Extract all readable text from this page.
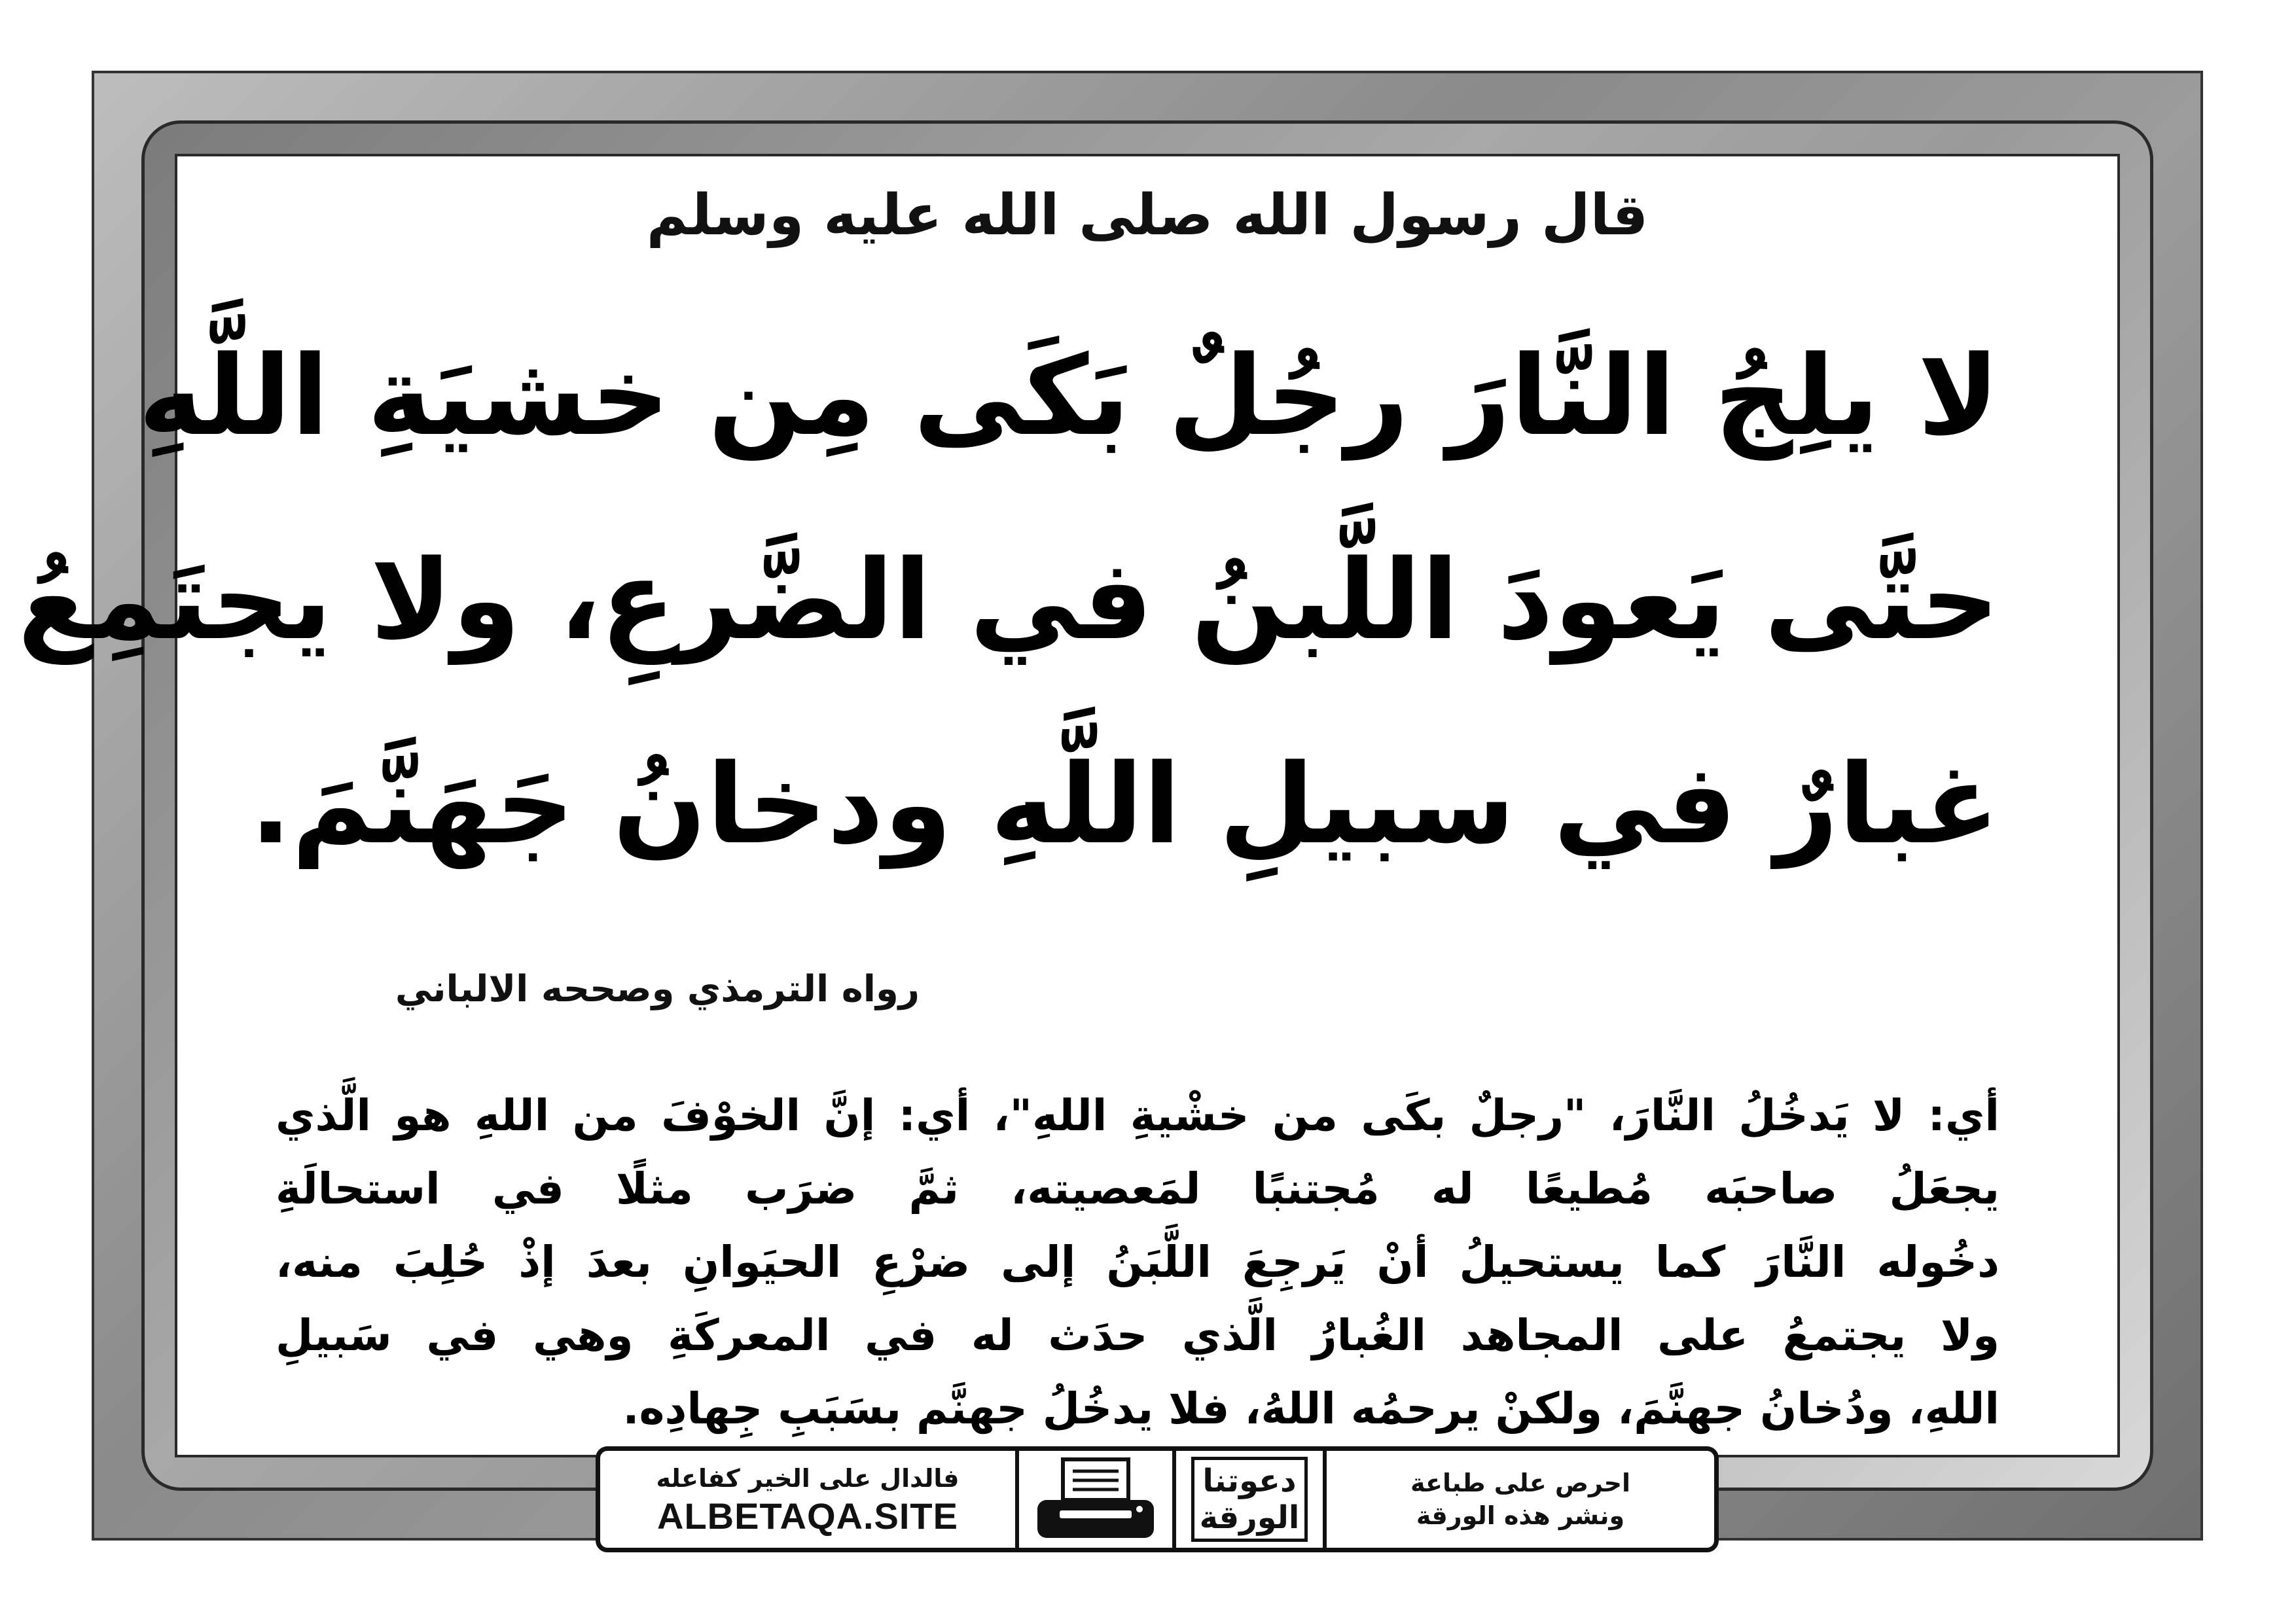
قال رسول الله صلى الله عليه وسلم
لا يلِجُ النَّارَ رجُلٌ بَكَى مِن خشيَةِ اللَّهِ
حتَّى يَعودَ اللَّبنُ في الضَّرعِ، ولا يجتَمِعُ
غبارٌ في سبيلِ اللَّهِ ودخانُ جَهَنَّمَ.
رواه الترمذي وصححه الالباني
أي: لا يَدخُلُ النَّارَ، "رجلٌ بكَى من خشْيةِ اللهِ"، أي: إنَّ الخوْفَ من اللهِ هو الَّذي
يجعَلُ صاحبَه مُطيعًا له مُجتنبًا لمَعصيته، ثمَّ ضرَب مثلًا في استحالَةِ
دخُوله النَّارَ كما يستحيلُ أنْ يَرجِعَ اللَّبَنُ إلى ضرْعِ الحيَوانِ بعدَ إذْ حُلِبَ منه،
ولا يجتمعُ على المجاهد الغُبارُ الَّذي حدَث له في المعركَةِ وهي في سَبيلِ
اللهِ، ودُخانُ جهنَّمَ، ولكنْ يرحمُه اللهُ، فلا يدخُلُ جهنَّم بسَبَبِ جِهادِه.
فالدال على الخير كفاعله
ALBETAQA.SITE
دعوتنا
الورقة
احرص على طباعة
ونشر هذه الورقة
